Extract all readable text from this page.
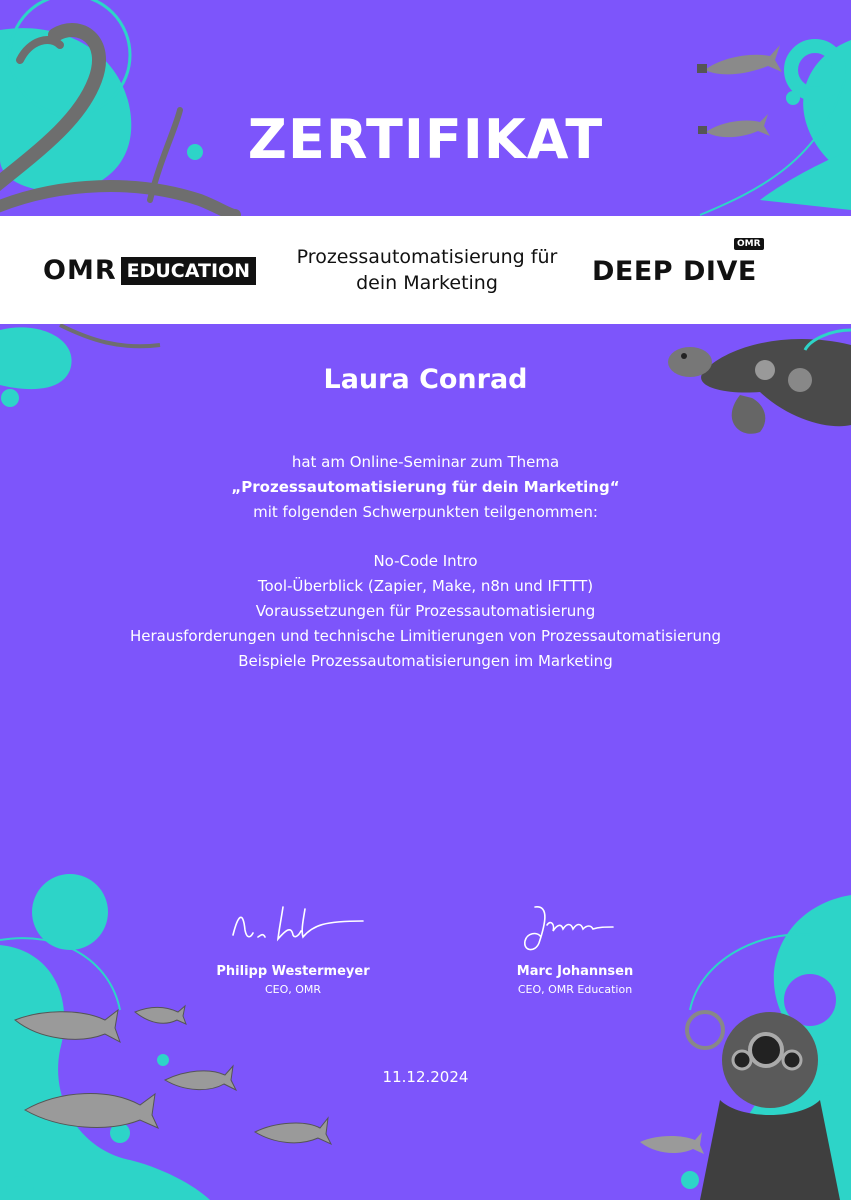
ZERTIFIKAT
OMR EDUCATION
Prozessautomatisierung für
dein Marketing	DEEP DIVE
OMR
Laura Conrad
hat am Online-Seminar zum Thema
„Prozessautomatisierung für dein Marketing“
mit folgenden Schwerpunkten teilgenommen:
No-Code Intro
Tool-Überblick (Zapier, Make, n8n und IFTTT)
Voraussetzungen für Prozessautomatisierung
Herausforderungen und technische Limitierungen von Prozessautomatisierung
Beispiele Prozessautomatisierungen im Marketing
Philipp Westermeyer
CEO, OMR
Marc Johannsen
CEO, OMR Education
11.12.2024
